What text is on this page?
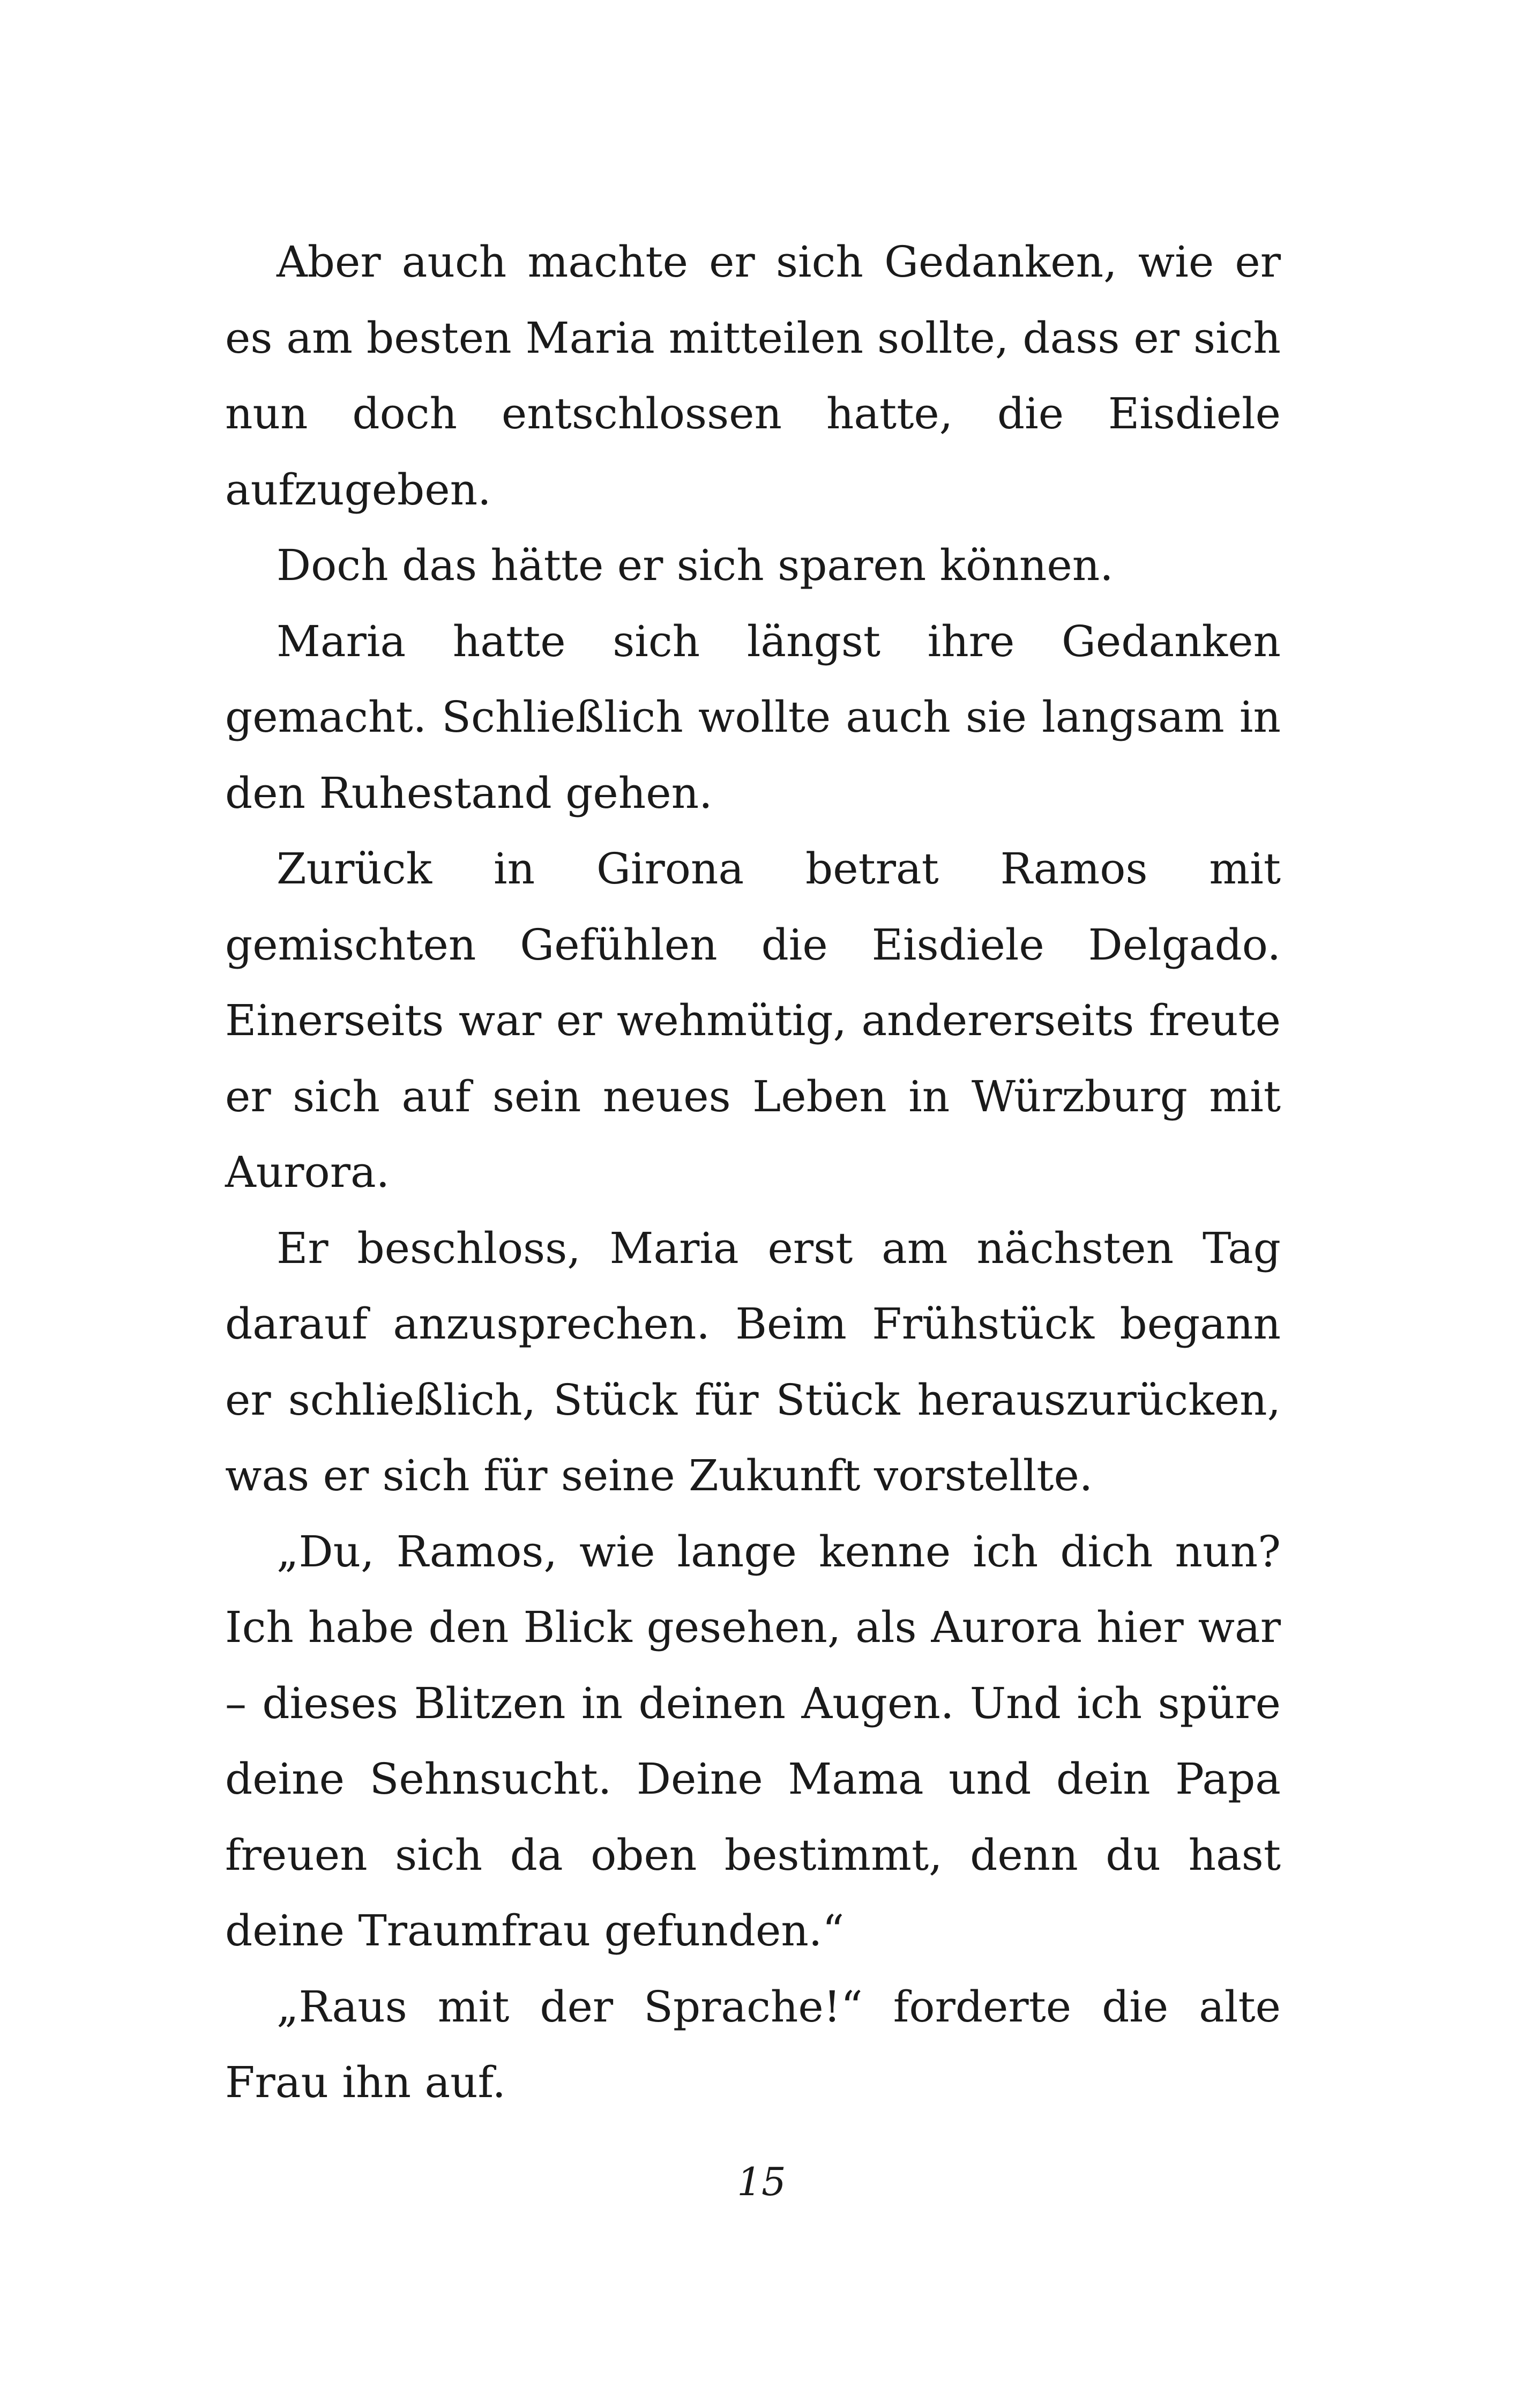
Aber auch machte er sich Gedanken, wie er es am besten Maria mitteilen sollte, dass er sich nun doch entschlossen hatte, die Eisdiele aufzugeben.

Doch das hätte er sich sparen können.

Maria hatte sich längst ihre Gedanken gemacht. Schließlich wollte auch sie langsam in den Ruhestand gehen.

Zurück in Girona betrat Ramos mit gemischten Gefühlen die Eisdiele Delgado. Einerseits war er wehmütig, andererseits freute er sich auf sein neues Leben in Würzburg mit Aurora.

Er beschloss, Maria erst am nächsten Tag darauf anzusprechen. Beim Frühstück begann er schließlich, Stück für Stück herauszurücken, was er sich für seine Zukunft vorstellte.

„Du, Ramos, wie lange kenne ich dich nun? Ich habe den Blick gesehen, als Aurora hier war – dieses Blitzen in deinen Augen. Und ich spüre deine Sehnsucht. Deine Mama und dein Papa freuen sich da oben bestimmt, denn du hast deine Traumfrau gefunden.“

„Raus mit der Sprache!“ forderte die alte Frau ihn auf.

15
